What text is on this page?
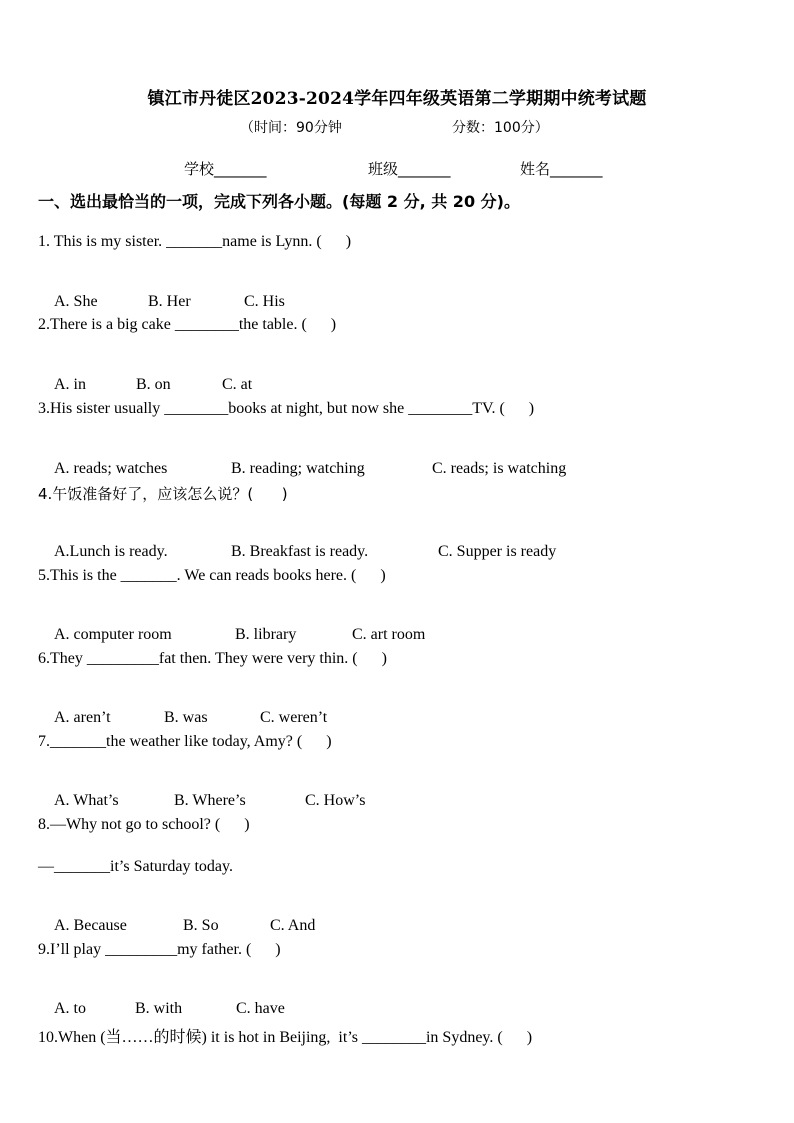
镇江市丹徒区2023-2024学年四年级英语第二学期期中统考试题
（时间：90分钟	分数：100分）
学校_______	班级_______	姓名_______
一、选出最恰当的一项，完成下列各小题。(每题 2 分, 共 20 分)。
1. This is my sister. _______name is Lynn. (      )

A. She	B. Her	C. His

2.There is a big cake ________the table. (      )

A. in	B. on	C. at

3.His sister usually ________books at night, but now she ________TV. (      )

A. reads; watches	B. reading; watching	C. reads; is watching

4.午饭准备好了，应该怎么说？(      )

A.Lunch is ready.	B. Breakfast is ready.	C. Supper is ready

5.This is the _______. We can reads books here. (      )

A. computer room	B. library	C. art room

6.They _________fat then. They were very thin. (      )

A. aren’t	B. was	C. weren’t

7._______the weather like today, Amy? (      )

A. What’s	B. Where’s	C. How’s

8.—Why not go to school? (      )
—_______it’s Saturday today.

A. Because	B. So	C. And

9.I’ll play _________my father. (      )

A. to	B. with	C. have

10.When (当……的时候) it is hot in Beijing,  it’s ________in Sydney. (      )
